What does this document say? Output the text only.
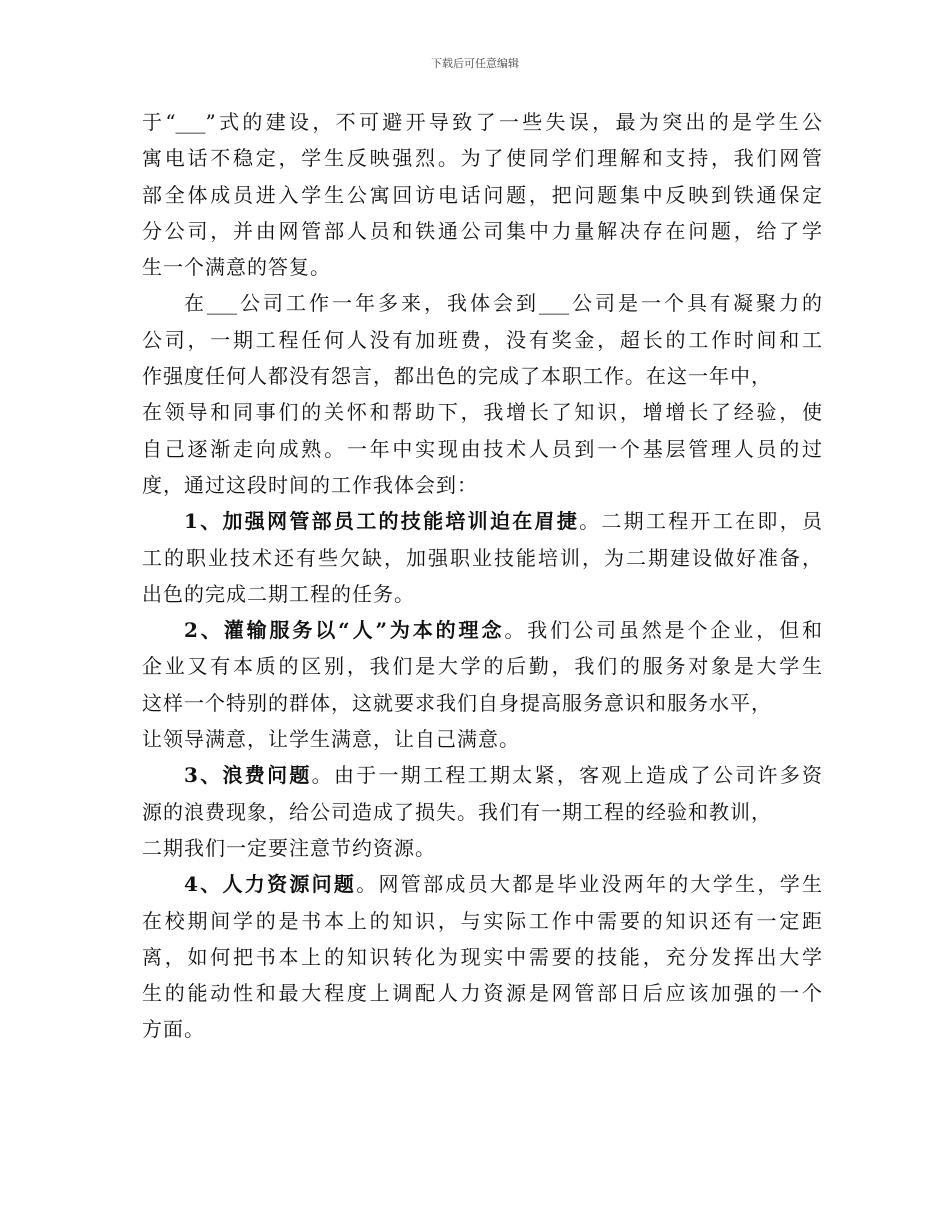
下载后可任意编辑
于“___”式的建设，不可避开导致了一些失误，最为突出的是学生公
寓电话不稳定，学生反映强烈。为了使同学们理解和支持，我们网管
部全体成员进入学生公寓回访电话问题，把问题集中反映到铁通保定
分公司，并由网管部人员和铁通公司集中力量解决存在问题，给了学
生一个满意的答复。
在___公司工作一年多来，我体会到___公司是一个具有凝聚力的
公司，一期工程任何人没有加班费，没有奖金，超长的工作时间和工
作强度任何人都没有怨言，都出色的完成了本职工作。在这一年中，
在领导和同事们的关怀和帮助下，我增长了知识，增增长了经验，使
自己逐渐走向成熟。一年中实现由技术人员到一个基层管理人员的过
度，通过这段时间的工作我体会到：
1、加强网管部员工的技能培训迫在眉捷。二期工程开工在即，员
工的职业技术还有些欠缺，加强职业技能培训，为二期建设做好准备，
出色的完成二期工程的任务。
2、灌输服务以“人”为本的理念。我们公司虽然是个企业，但和
企业又有本质的区别，我们是大学的后勤，我们的服务对象是大学生
这样一个特别的群体，这就要求我们自身提高服务意识和服务水平，
让领导满意，让学生满意，让自己满意。
3、浪费问题。由于一期工程工期太紧，客观上造成了公司许多资
源的浪费现象，给公司造成了损失。我们有一期工程的经验和教训，
二期我们一定要注意节约资源。
4、人力资源问题。网管部成员大都是毕业没两年的大学生，学生
在校期间学的是书本上的知识，与实际工作中需要的知识还有一定距
离，如何把书本上的知识转化为现实中需要的技能，充分发挥出大学
生的能动性和最大程度上调配人力资源是网管部日后应该加强的一个
方面。
